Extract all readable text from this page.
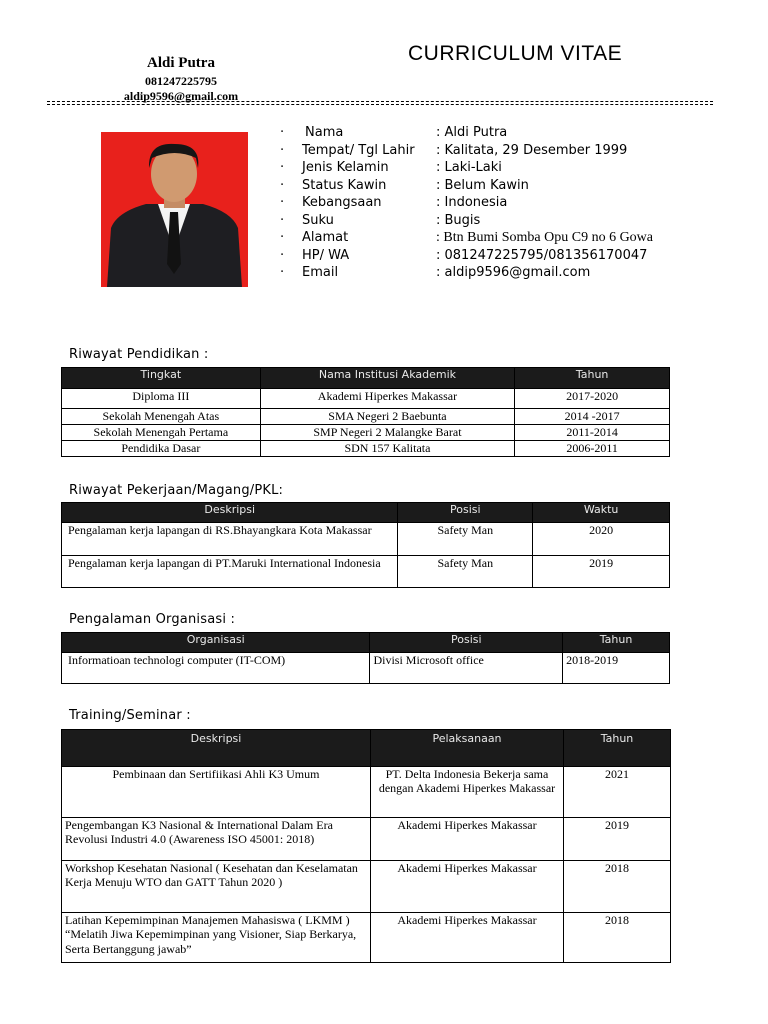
Aldi Putra
081247225795
aldip9596@gmail.com
CURRICULUM VITAE
· Nama	: Aldi Putra
· Tempat/ Tgl Lahir : Kalitata, 29 Desember 1999
· Jenis Kelamin	: Laki-Laki
· Status Kawin	: Belum Kawin
· Kebangsaan	: Indonesia
· Suku	: Bugis
· Alamat	: Btn Bumi Somba Opu C9 no 6 Gowa
· HP/ WA	: 081247225795/081356170047
· Email	: aldip9596@gmail.com
Riwayat Pendidikan :
Tingkat	Nama Institusi Akademik	Tahun
Diploma III	Akademi Hiperkes Makassar	2017-2020
Sekolah Menengah Atas	SMA Negeri 2 Baebunta	2014 -2017
Sekolah Menengah Pertama	SMP Negeri 2 Malangke Barat	2011-2014
Pendidika Dasar	SDN 157 Kalitata	2006-2011
Riwayat Pekerjaan/Magang/PKL:
Deskripsi	Posisi	Waktu
Pengalaman kerja lapangan di RS.Bhayangkara Kota Makassar	Safety Man	2020
Pengalaman kerja lapangan di PT.Maruki International Indonesia	Safety Man	2019
Pengalaman Organisasi :
Organisasi	Posisi	Tahun
Informatioan technologi computer (IT-COM)	Divisi Microsoft office	2018-2019
Training/Seminar :
Deskripsi	Pelaksanaan	Tahun
Pembinaan dan Sertifiikasi Ahli K3 Umum	PT. Delta Indonesia Bekerja sama dengan Akademi Hiperkes Makassar	2021
Pengembangan K3 Nasional & International Dalam Era Revolusi Industri 4.0 (Awareness ISO 45001: 2018)	Akademi Hiperkes Makassar	2019
Workshop Kesehatan Nasional ( Kesehatan dan Keselamatan Kerja Menuju WTO dan GATT Tahun 2020 )	Akademi Hiperkes Makassar	2018
Latihan Kepemimpinan Manajemen Mahasiswa ( LKMM ) “Melatih Jiwa Kepemimpinan yang Visioner, Siap Berkarya, Serta Bertanggung jawab”	Akademi Hiperkes Makassar	2018
